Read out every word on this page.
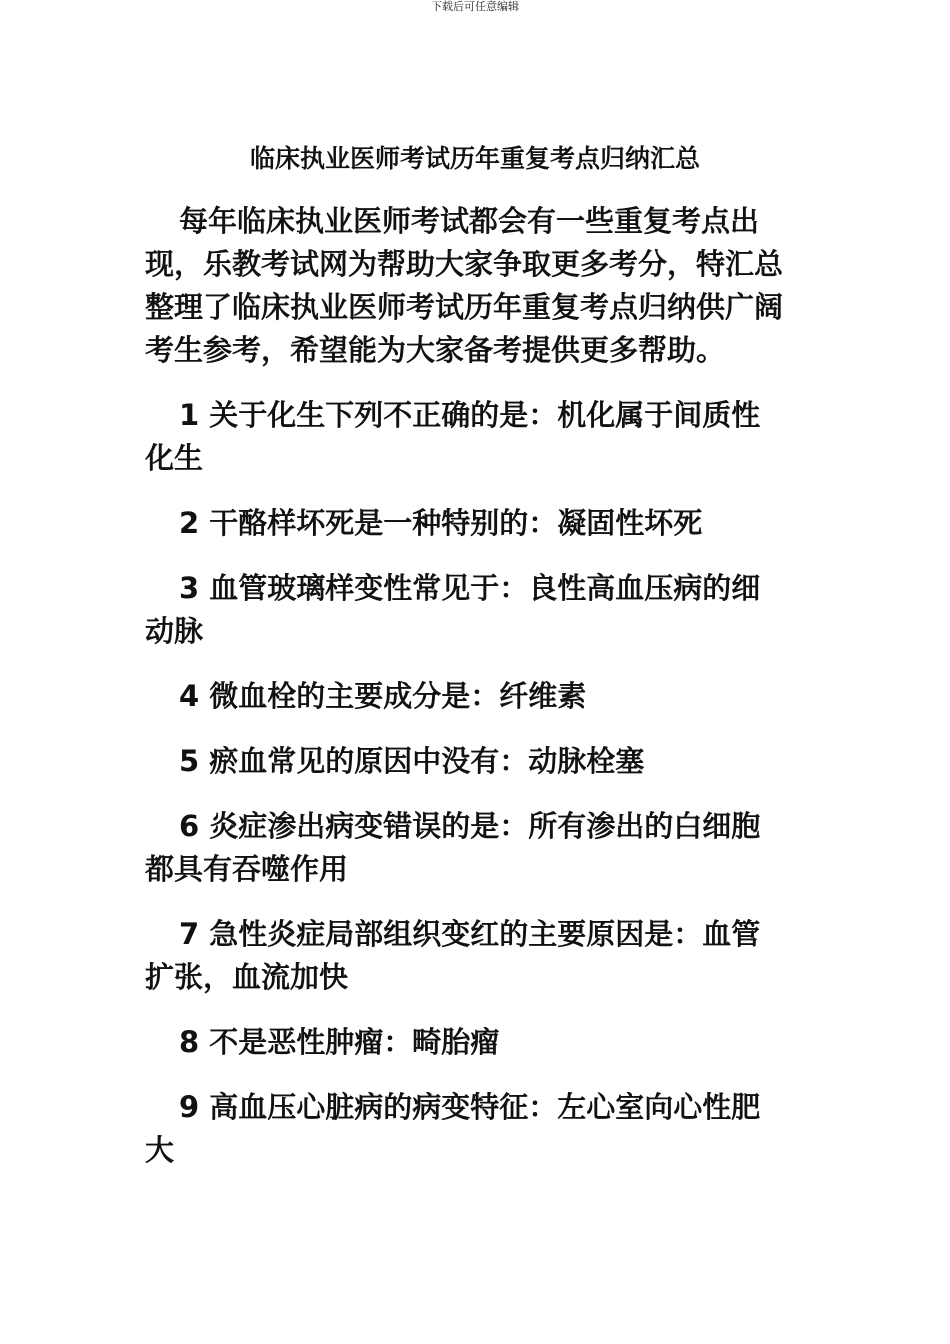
下载后可任意编辑
临床执业医师考试历年重复考点归纳汇总

每年临床执业医师考试都会有一些重复考点出现，乐教考试网为帮助大家争取更多考分，特汇总整理了临床执业医师考试历年重复考点归纳供广阔考生参考，希望能为大家备考提供更多帮助。

1 关于化生下列不正确的是：机化属于间质性化生

2 干酪样坏死是一种特别的：凝固性坏死

3 血管玻璃样变性常见于：良性高血压病的细动脉

4 微血栓的主要成分是：纤维素

5 瘀血常见的原因中没有：动脉栓塞

6 炎症渗出病变错误的是：所有渗出的白细胞都具有吞噬作用

7 急性炎症局部组织变红的主要原因是：血管扩张，血流加快

8 不是恶性肿瘤：畸胎瘤

9 高血压心脏病的病变特征：左心室向心性肥大
